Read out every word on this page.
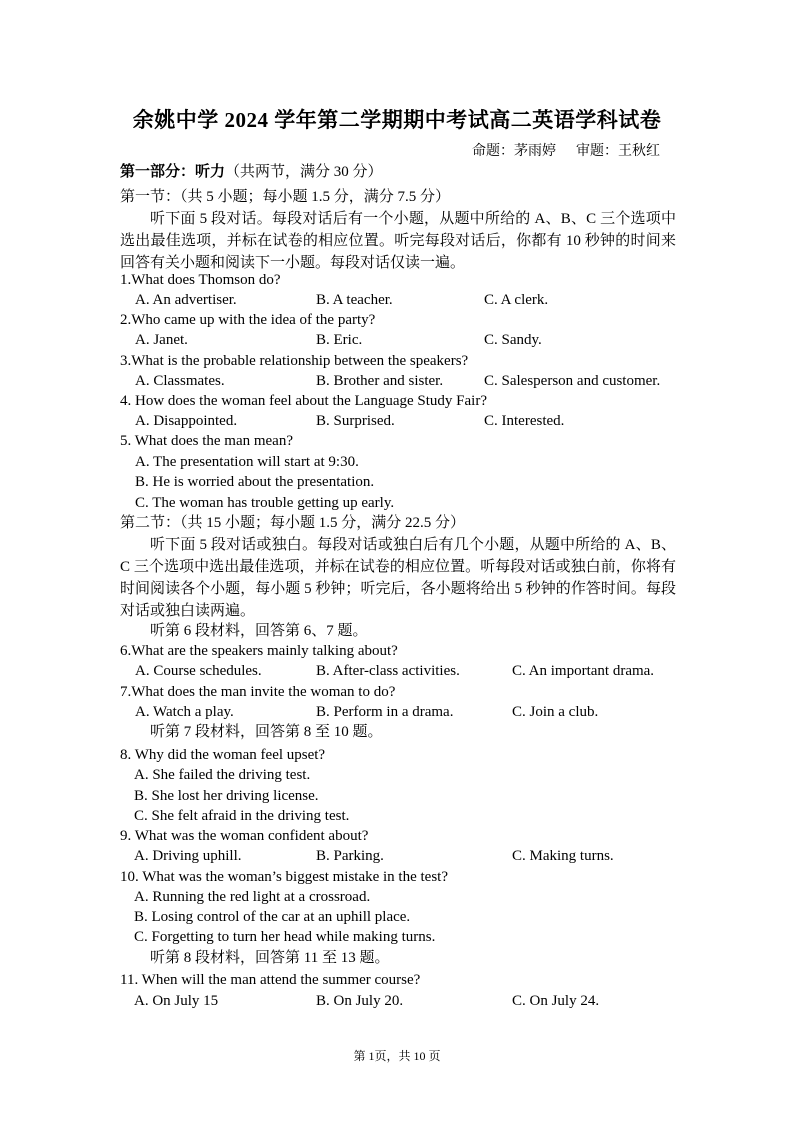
余姚中学 2024 学年第二学期期中考试高二英语学科试卷
命题：茅雨婷 审题：王秋红
第一部分：听力（共两节，满分 30 分）
第一节：（共 5 小题；每小题 1.5 分，满分 7.5 分）
听下面 5 段对话。每段对话后有一个小题，从题中所给的 A、B、C 三个选项中选出最佳选项，并标在试卷的相应位置。听完每段对话后，你都有 10 秒钟的时间来回答有关小题和阅读下一小题。每段对话仅读一遍。
1.What does Thomson do?
A. An advertiser.	B. A teacher.	C. A clerk.
2.Who came up with the idea of the party?
A. Janet.	B. Eric.	C. Sandy.
3.What is the probable relationship between the speakers?
A. Classmates.	B. Brother and sister.	C. Salesperson and customer.
4. How does the woman feel about the Language Study Fair?
A. Disappointed.	B. Surprised.	C. Interested.
5. What does the man mean?
A. The presentation will start at 9:30.
B. He is worried about the presentation.
C. The woman has trouble getting up early.
第二节：（共 15 小题；每小题 1.5 分，满分 22.5 分）
听下面 5 段对话或独白。每段对话或独白后有几个小题，从题中所给的 A、B、C 三个选项中选出最佳选项，并标在试卷的相应位置。听每段对话或独白前，你将有时间阅读各个小题，每小题 5 秒钟；听完后，各小题将给出 5 秒钟的作答时间。每段对话或独白读两遍。
听第 6 段材料，回答第 6、7 题。
6.What are the speakers mainly talking about?
A. Course schedules.	B. After-class activities.	C. An important drama.
7.What does the man invite the woman to do?
A. Watch a play.	B. Perform in a drama.	C. Join a club.
听第 7 段材料，回答第 8 至 10 题。
8. Why did the woman feel upset?
A. She failed the driving test.
B. She lost her driving license.
C. She felt afraid in the driving test.
9. What was the woman confident about?
A. Driving uphill.	B. Parking.	C. Making turns.
10. What was the woman’s biggest mistake in the test?
A. Running the red light at a crossroad.
B. Losing control of the car at an uphill place.
C. Forgetting to turn her head while making turns.
听第 8 段材料，回答第 11 至 13 题。
11. When will the man attend the summer course?
A. On July 15	B. On July 20.	C. On July 24.
第 1页，共 10 页
